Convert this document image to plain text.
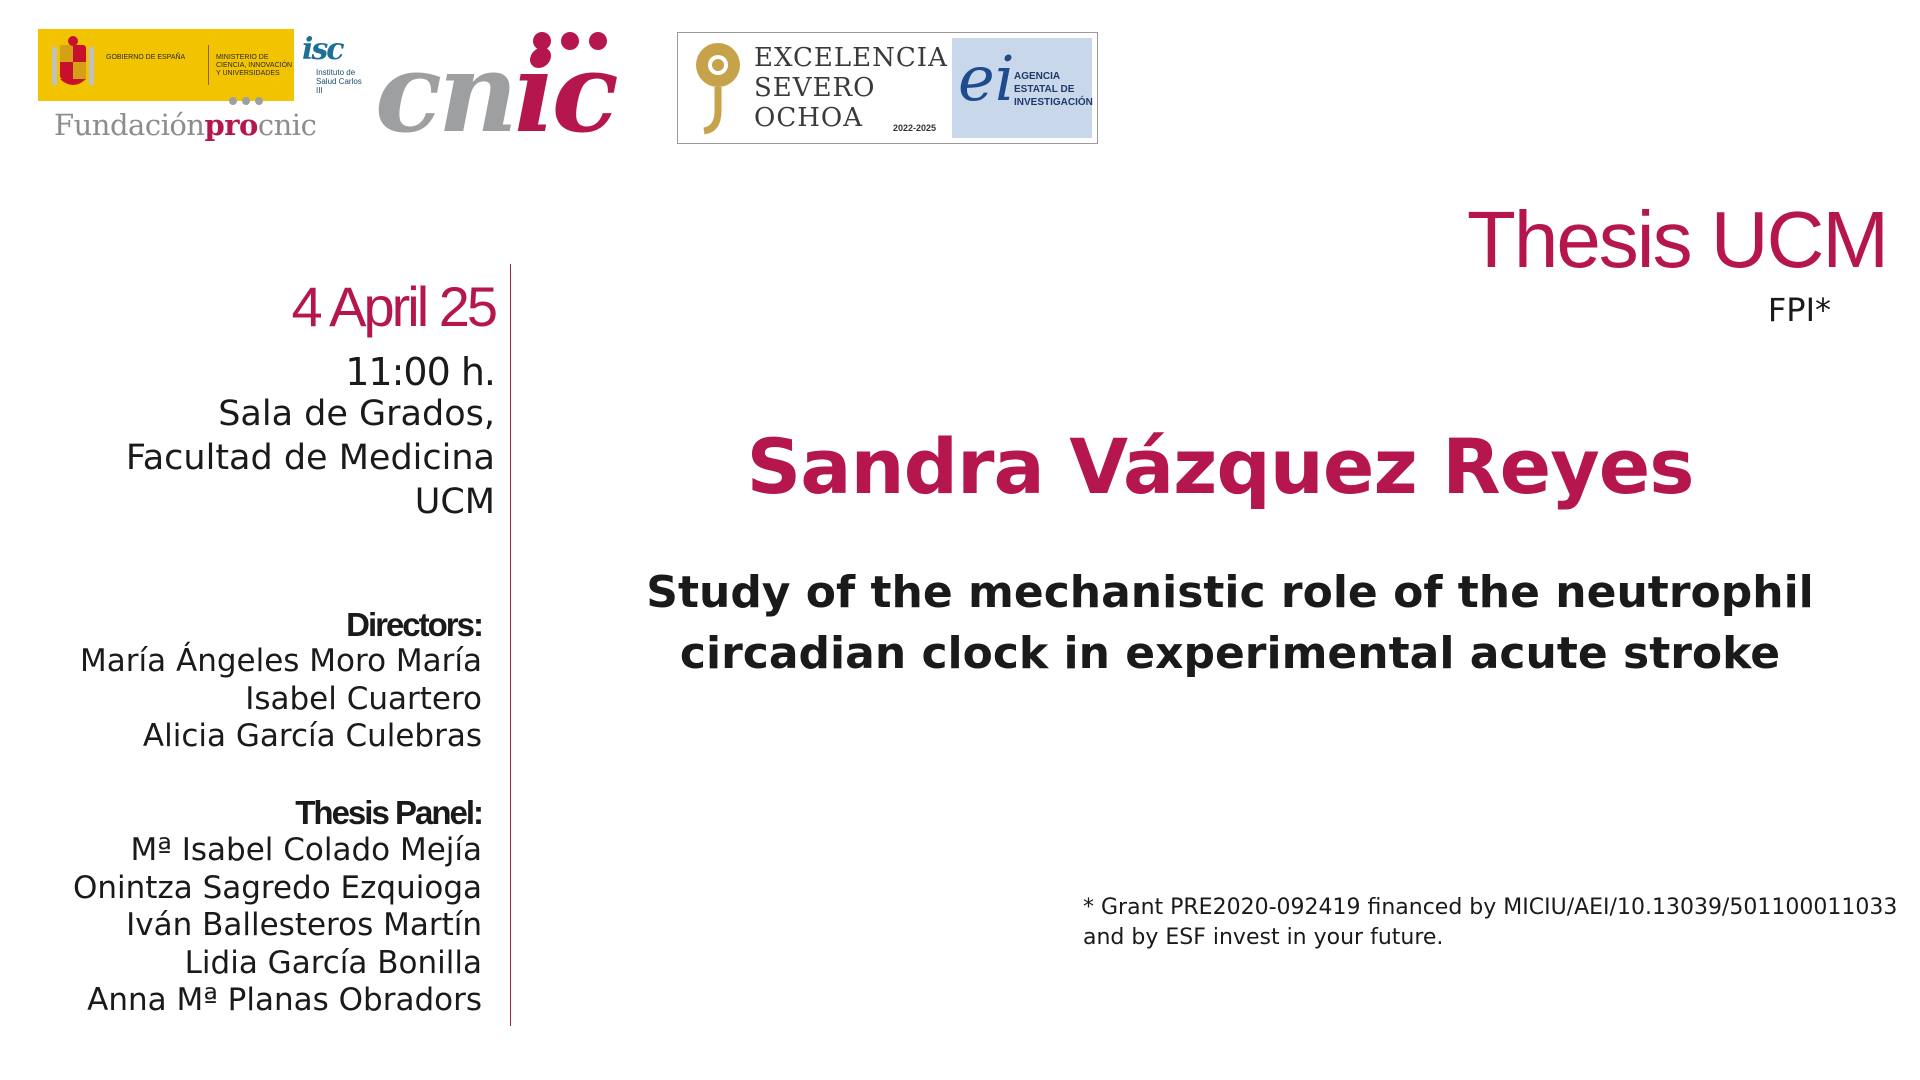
GOBIERNO DE ESPAÑA	MINISTERIO DE CIENCIA, INNOVACIÓN Y UNIVERSIDADES
isc
Instituto de Salud Carlos III
Fundaciónprocnic cnic	EXCELENCIA
SEVERO
OCHOA	2022-2025
ei AGENCIA ESTATAL DE INVESTIGACIÓN
4 April 25
11:00 h.
Sala de Grados,
Facultad de Medicina
UCM
Directors:
María Ángeles Moro María
Isabel Cuartero
Alicia García Culebras
Thesis Panel:
Mª Isabel Colado Mejía
Onintza Sagredo Ezquioga
Iván Ballesteros Martín
Lidia García Bonilla
Anna Mª Planas Obradors
Thesis UCM
FPI*
Sandra Vázquez Reyes
Study of the mechanistic role of the neutrophil circadian clock in experimental acute stroke
* Grant PRE2020-092419 financed by MICIU/AEI/10.13039/501100011033
and by ESF invest in your future.
